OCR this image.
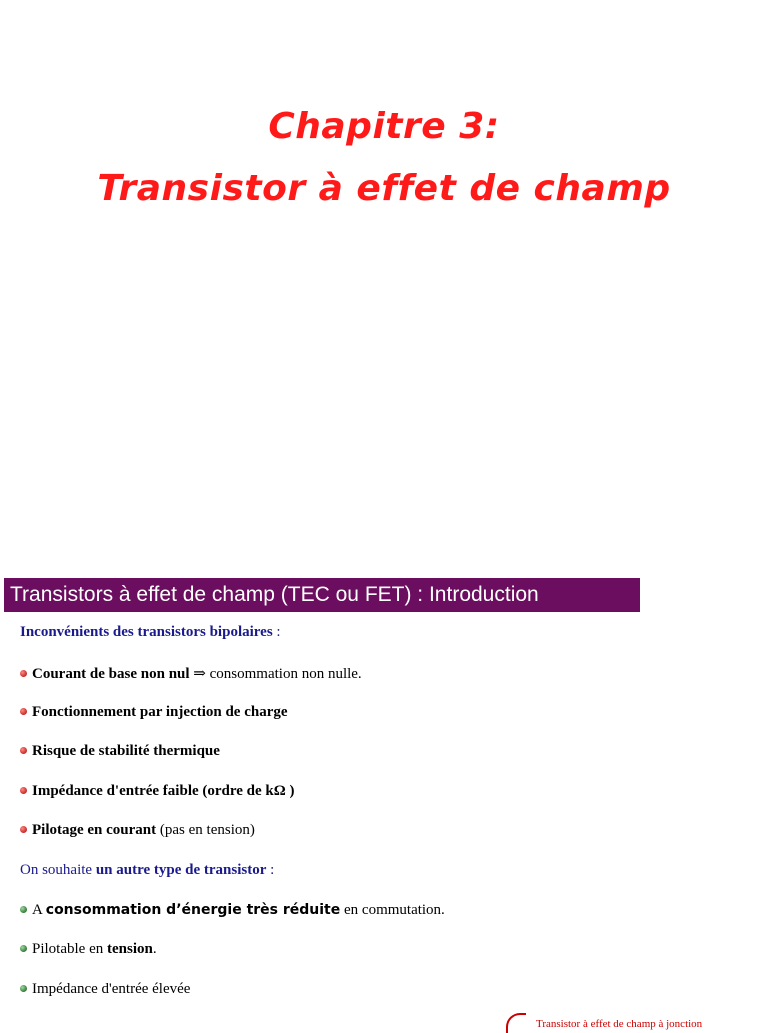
Chapitre 3:
Transistor à effet de champ
Transistors à effet de champ (TEC ou FET) : Introduction
Inconvénients des transistors bipolaires :
Courant de base non nul ⇒ consommation non nulle.
Fonctionnement par injection de charge
Risque de stabilité thermique
Impédance d'entrée faible (ordre de kΩ )
Pilotage en courant (pas en tension)
On souhaite un autre type de transistor :
A consommation d’énergie très réduite en commutation.
Pilotable en tension.
Impédance d'entrée élevée
Transistor à effet de champ à jonction
